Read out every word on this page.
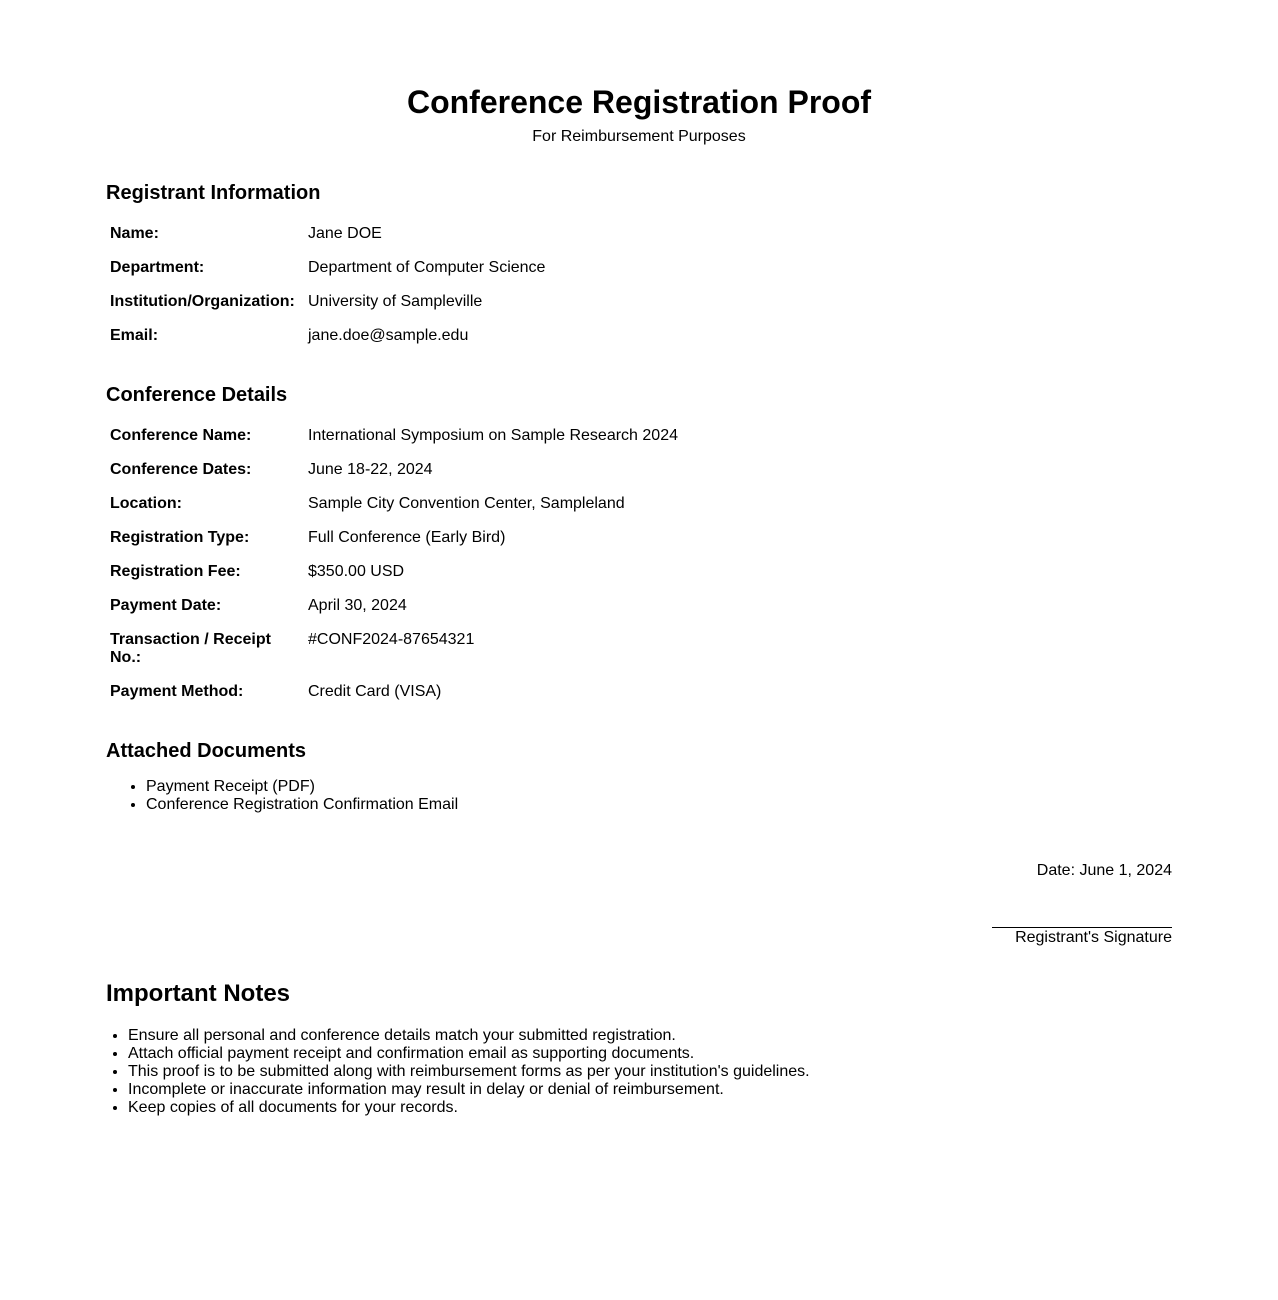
Conference Registration Proof

For Reimbursement Purposes

Registrant Information
Name:	Jane DOE
Department:	Department of Computer Science
Institution/Organization:	University of Sampleville
Email:	jane.doe@sample.edu
Conference Details
Conference Name:	International Symposium on Sample Research 2024
Conference Dates:	June 18-22, 2024
Location:	Sample City Convention Center, Sampleland
Registration Type:	Full Conference (Early Bird)
Registration Fee:	$350.00 USD
Payment Date:	April 30, 2024
Transaction / Receipt No.:	#CONF2024-87654321
Payment Method:	Credit Card (VISA)
Attached Documents
• Payment Receipt (PDF)
• Conference Registration Confirmation Email
Date: June 1, 2024
Registrant's Signature
Important Notes
• Ensure all personal and conference details match your submitted registration.
• Attach official payment receipt and confirmation email as supporting documents.
• This proof is to be submitted along with reimbursement forms as per your institution's guidelines.
• Incomplete or inaccurate information may result in delay or denial of reimbursement.
• Keep copies of all documents for your records.
